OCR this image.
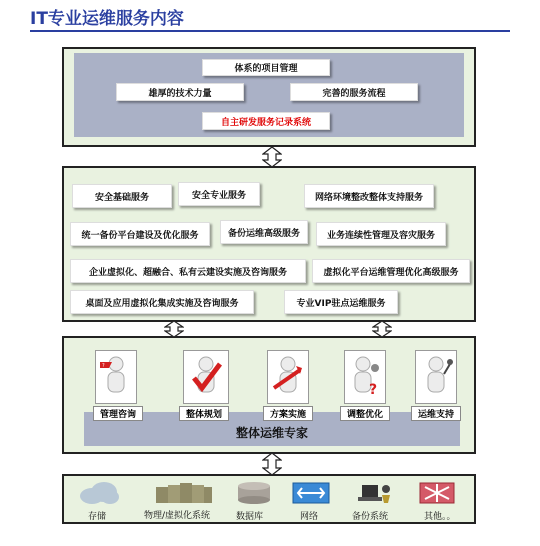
IT专业运维服务内容
体系的项目管理
雄厚的技术力量	完善的服务流程
自主研发服务记录系统
安全基础服务	安全专业服务	网络环境整改整体支持服务
统一备份平台建设及优化服务	备份运维高级服务	业务连续性管理及容灾服务
企业虚拟化、超融合、私有云建设实施及咨询服务	虚拟化平台运维管理优化高级服务
桌面及应用虚拟化集成实施及咨询服务	专业VIP驻点运维服务
?
?
管理咨询	整体规划	方案实施	调整优化	运维支持
整体运维专家
存储	物理/虚拟化系统	数据库	网络	备份系统	其他。。
